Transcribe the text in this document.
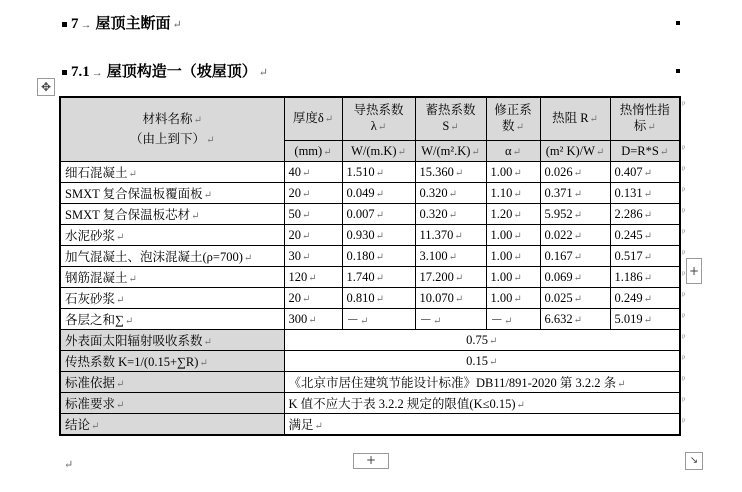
7 → 屋顶主断面 ↵
7.1 → 屋顶构造一（坡屋顶） ↵
✥
材料名称↵
（由上到下）↵	厚度δ↵	导热系数λ↵	蓄热系数S↵	修正系数↵	热阻 R↵	热惰性指标↵
	(mm)↵	W/(m.K)↵	W/(m².K)↵	α↵	(m² K)/W↵	D=R*S↵
细石混凝土↵	40↵	1.510↵	15.360↵	1.00↵	0.026↵	0.407↵
SMXT 复合保温板覆面板↵	20↵	0.049↵	0.320↵	1.10↵	0.371↵	0.131↵
SMXT 复合保温板芯材↵	50↵	0.007↵	0.320↵	1.20↵	5.952↵	2.286↵
水泥砂浆↵	20↵	0.930↵	11.370↵	1.00↵	0.022↵	0.245↵
加气混凝土、泡沫混凝土(ρ=700)↵	30↵	0.180↵	3.100↵	1.00↵	0.167↵	0.517↵
钢筋混凝土↵	120↵	1.740↵	17.200↵	1.00↵	0.069↵	1.186↵
石灰砂浆↵	20↵	0.810↵	10.070↵	1.00↵	0.025↵	0.249↵
各层之和∑↵	300↵	－↵	－↵	－↵	6.632↵	5.019↵
外表面太阳辐射吸收系数↵	0.75↵					
传热系数 K=1/(0.15+∑R)↵	0.15↵					
标准依据↵	《北京市居住建筑节能设计标准》DB11/891-2020 第 3.2.2 条↵					
标准要求↵	K 值不应大于表 3.2.2 规定的限值(K≤0.15)↵					
结论↵	满足↵					
+
+	↘
↵
ᵖ
ᵖ
ᵖ
ᵖ
ᵖ
ᵖ
ᵖ
ᵖ
ᵖ
ᵖ
ᵖ
ᵖ
ᵖ
ᵖ
ᵖ
